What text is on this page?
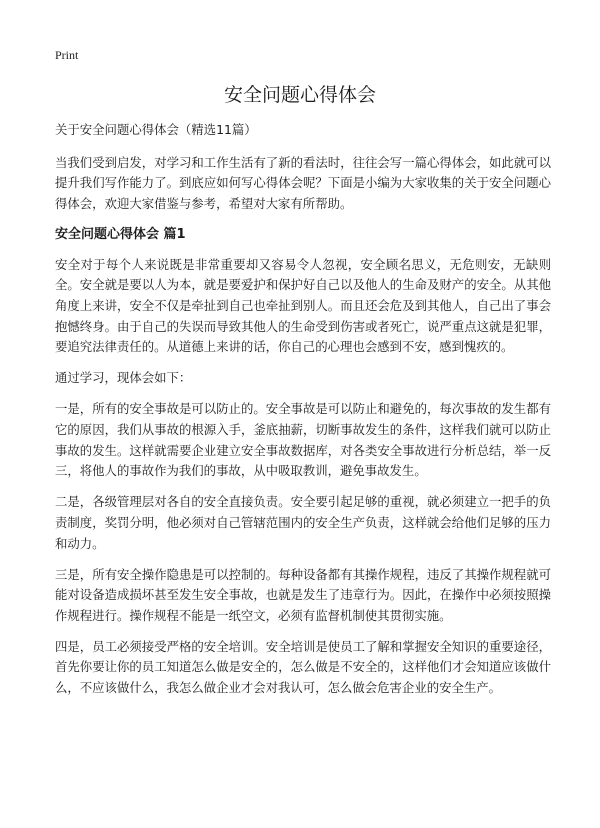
Print
安全问题心得体会

关于安全问题心得体会（精选11篇）

当我们受到启发，对学习和工作生活有了新的看法时，往往会写一篇心得体会，如此就可以提升我们写作能力了。到底应如何写心得体会呢？下面是小编为大家收集的关于安全问题心得体会，欢迎大家借鉴与参考，希望对大家有所帮助。

安全问题心得体会 篇1

安全对于每个人来说既是非常重要却又容易令人忽视，安全顾名思义，无危则安，无缺则全。安全就是要以人为本，就是要爱护和保护好自己以及他人的生命及财产的安全。从其他角度上来讲，安全不仅是牵扯到自己也牵扯到别人。而且还会危及到其他人，自己出了事会抱憾终身。由于自己的失误而导致其他人的生命受到伤害或者死亡，说严重点这就是犯罪，要追究法律责任的。从道德上来讲的话，你自己的心理也会感到不安，感到愧疚的。

通过学习，现体会如下：

一是，所有的安全事故是可以防止的。安全事故是可以防止和避免的，每次事故的发生都有它的原因，我们从事故的根源入手，釜底抽薪，切断事故发生的条件，这样我们就可以防止事故的发生。这样就需要企业建立安全事故数据库，对各类安全事故进行分析总结，举一反三，将他人的事故作为我们的事故，从中吸取教训，避免事故发生。

二是，各级管理层对各自的安全直接负责。安全要引起足够的重视，就必须建立一把手的负责制度，奖罚分明，他必须对自己管辖范围内的安全生产负责，这样就会给他们足够的压力和动力。

三是，所有安全操作隐患是可以控制的。每种设备都有其操作规程，违反了其操作规程就可能对设备造成损坏甚至发生安全事故，也就是发生了违章行为。因此，在操作中必须按照操作规程进行。操作规程不能是一纸空文，必须有监督机制使其贯彻实施。

四是，员工必须接受严格的安全培训。安全培训是使员工了解和掌握安全知识的重要途径，首先你要让你的员工知道怎么做是安全的，怎么做是不安全的，这样他们才会知道应该做什么，不应该做什么，我怎么做企业才会对我认可，怎么做会危害企业的安全生产。
